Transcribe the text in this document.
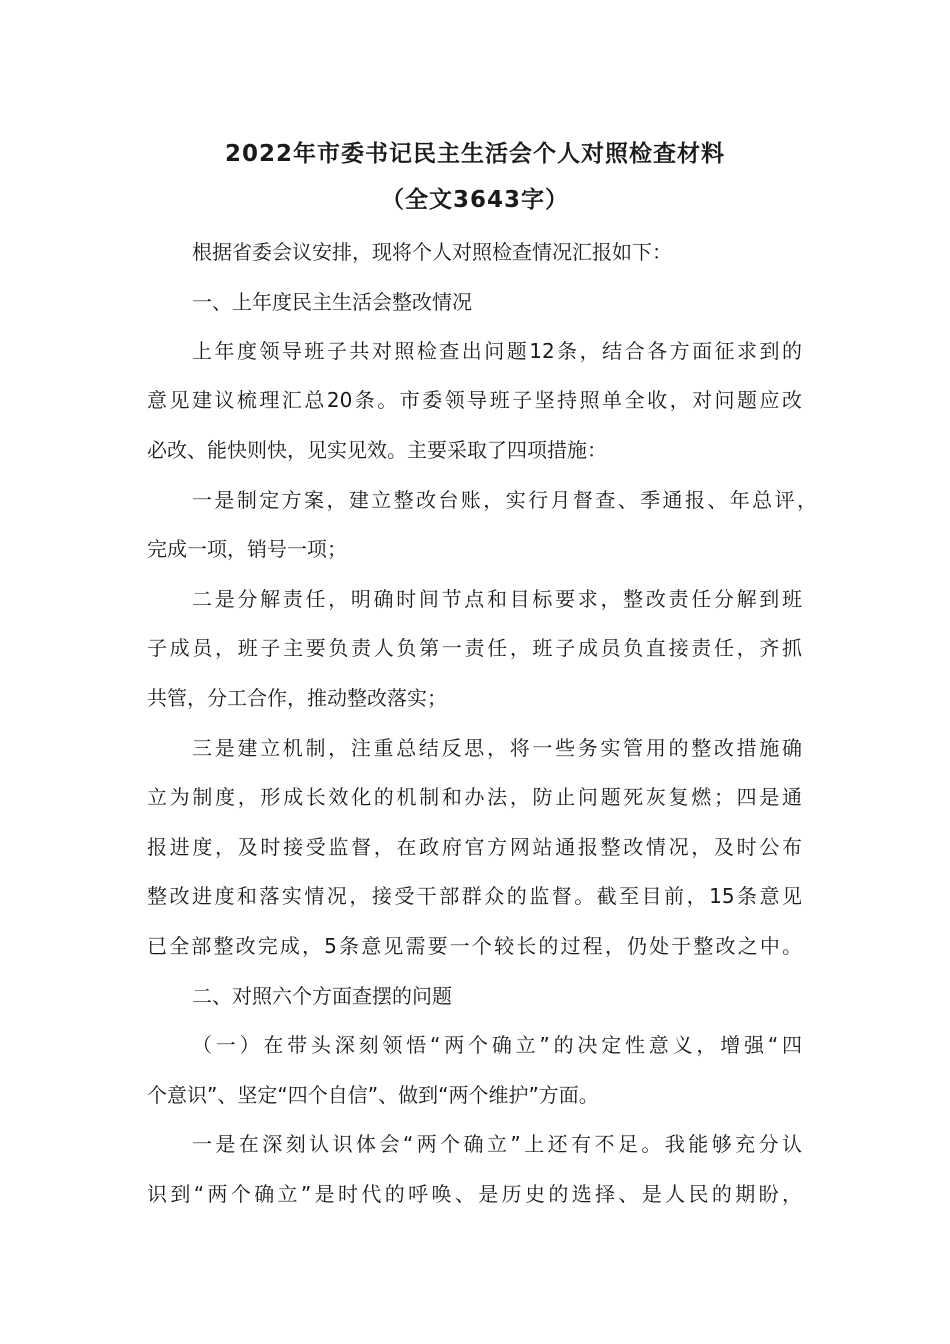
2022年市委书记民主生活会个人对照检查材料
（全文3643字）
根据省委会议安排，现将个人对照检查情况汇报如下：
一、上年度民主生活会整改情况
上年度领导班子共对照检查出问题12条，结合各方面征求到的
意见建议梳理汇总20条。市委领导班子坚持照单全收，对问题应改
必改、能快则快，见实见效。主要采取了四项措施：
一是制定方案，建立整改台账，实行月督查、季通报、年总评，
完成一项，销号一项；
二是分解责任，明确时间节点和目标要求，整改责任分解到班
子成员，班子主要负责人负第一责任，班子成员负直接责任，齐抓
共管，分工合作，推动整改落实；
三是建立机制，注重总结反思，将一些务实管用的整改措施确
立为制度，形成长效化的机制和办法，防止问题死灰复燃；四是通
报进度，及时接受监督，在政府官方网站通报整改情况，及时公布
整改进度和落实情况，接受干部群众的监督。截至目前，15条意见
已全部整改完成，5条意见需要一个较长的过程，仍处于整改之中。
二、对照六个方面查摆的问题
（一）在带头深刻领悟“两个确立”的决定性意义，增强“四
个意识”、坚定“四个自信”、做到“两个维护”方面。
一是在深刻认识体会“两个确立”上还有不足。我能够充分认
识到“两个确立”是时代的呼唤、是历史的选择、是人民的期盼，
